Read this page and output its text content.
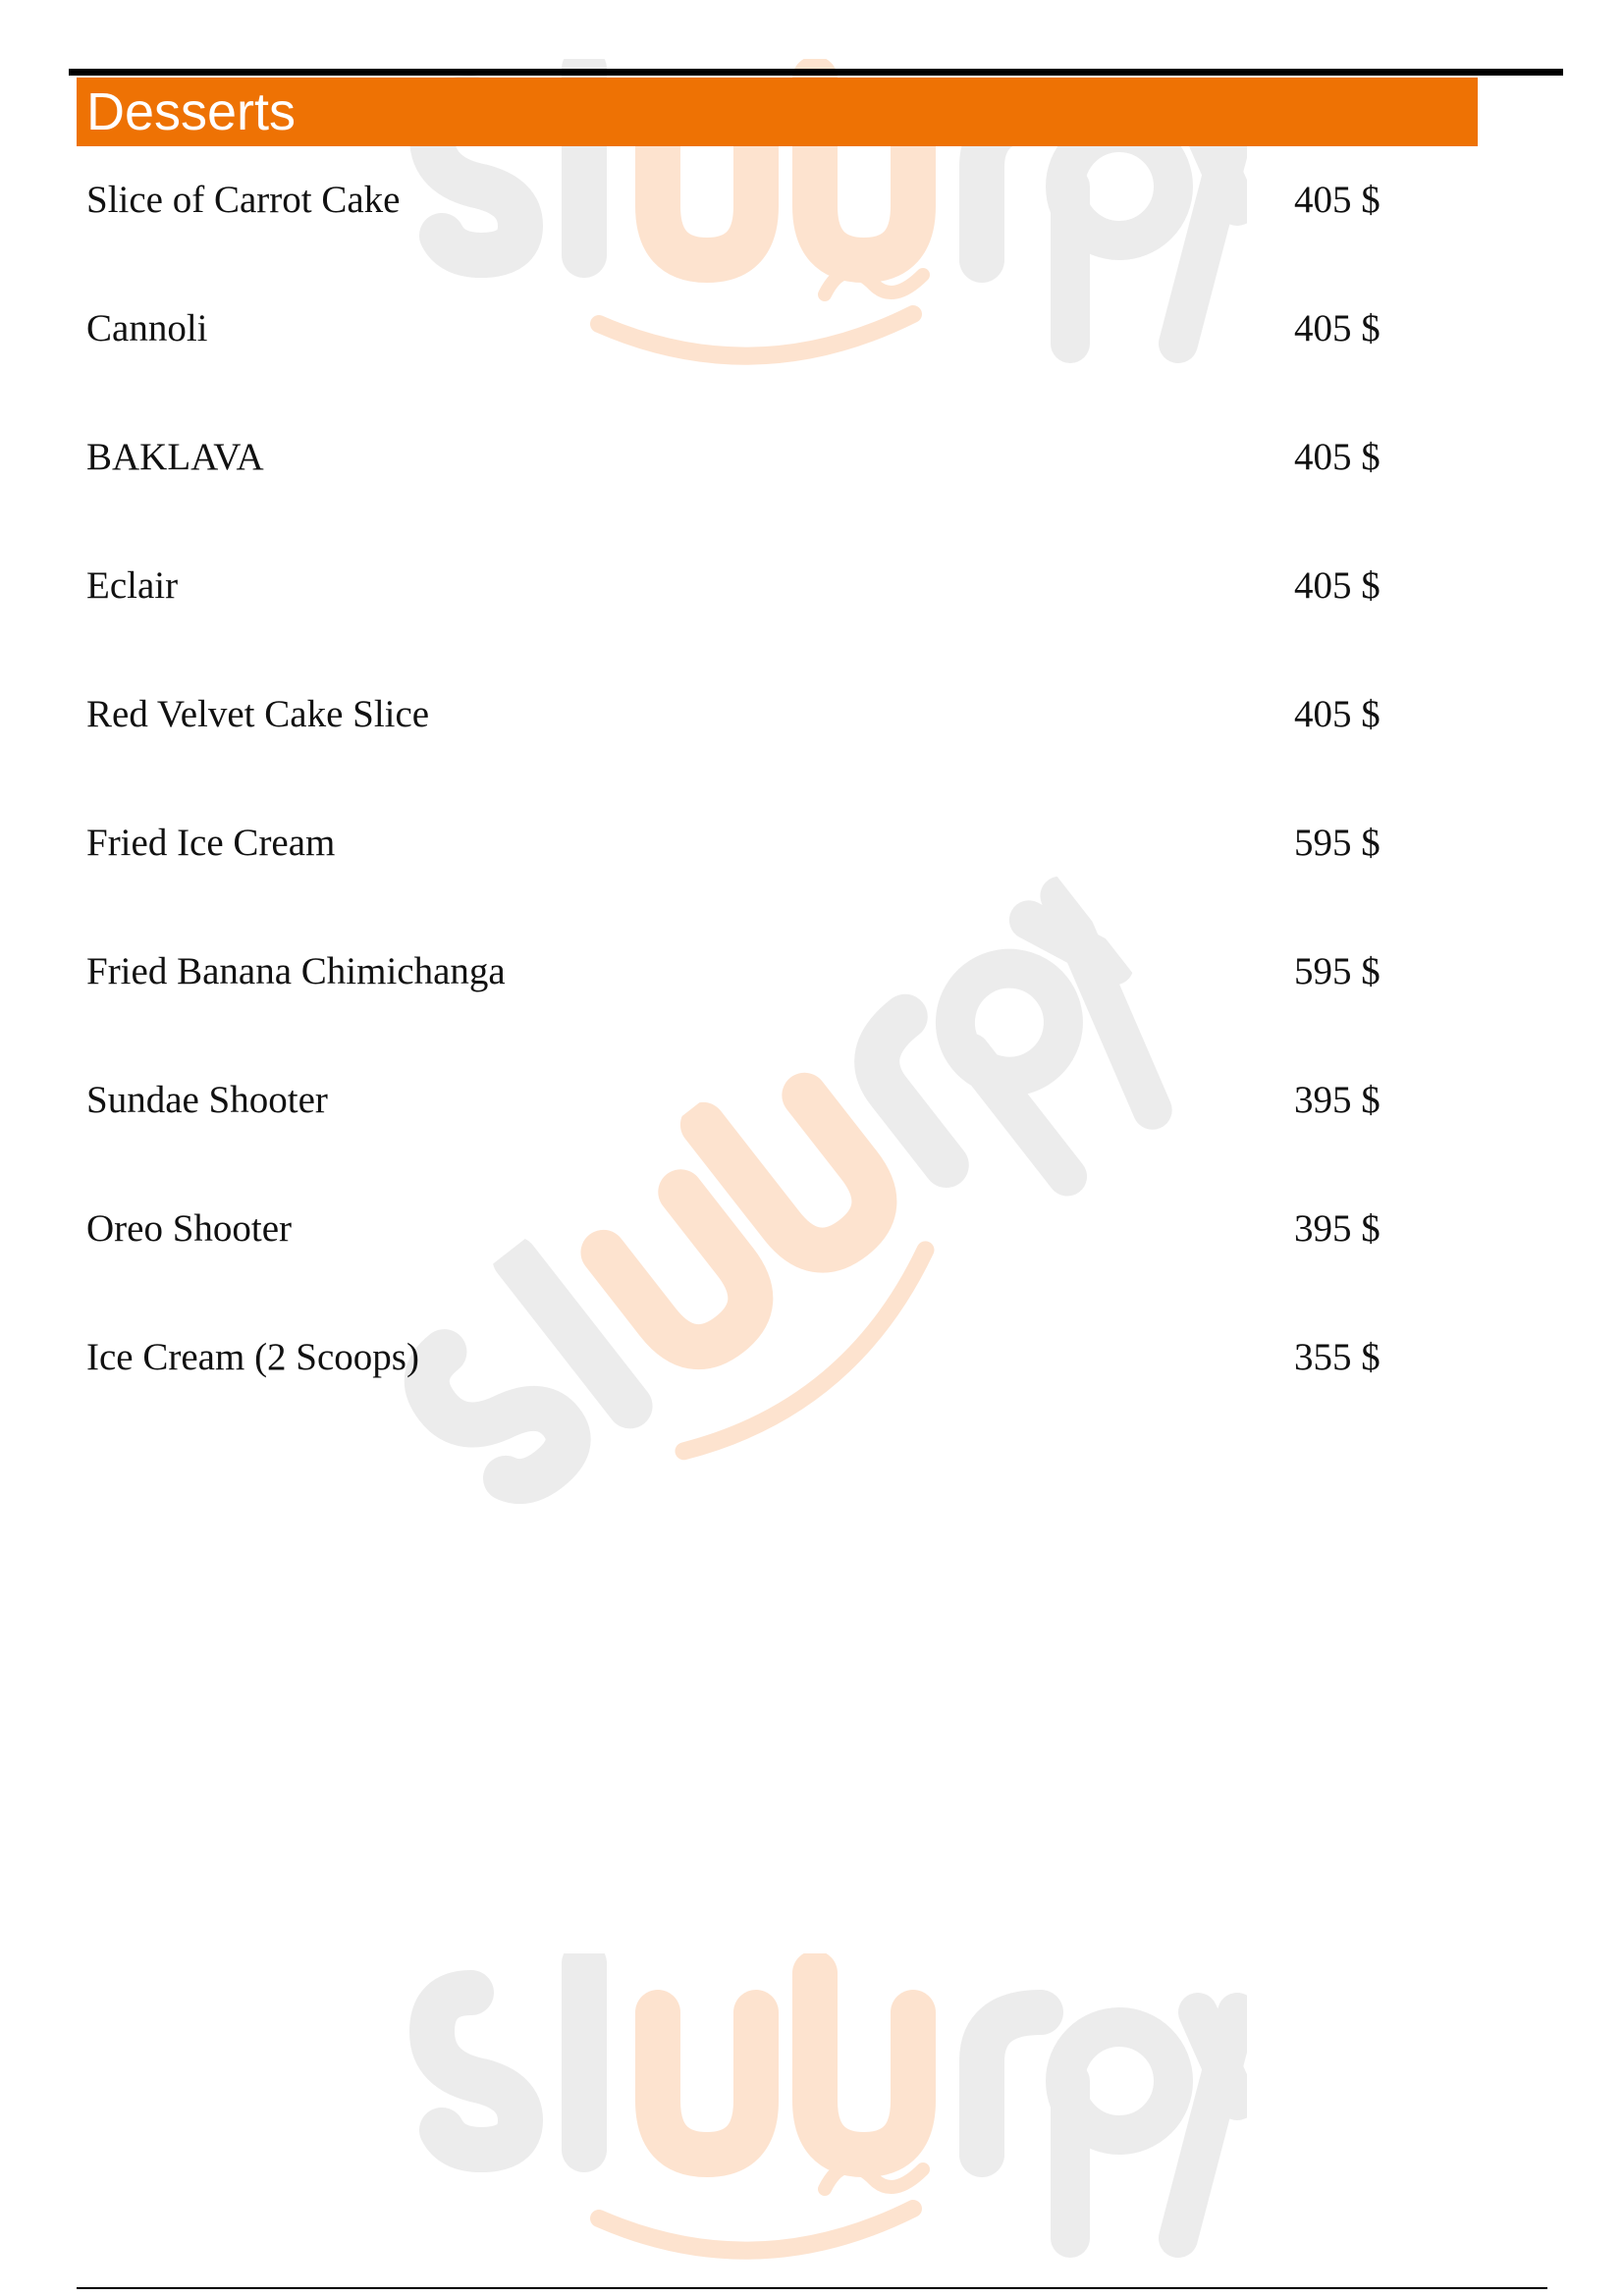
Desserts
Slice of Carrot Cake	405 $
Cannoli	405 $
BAKLAVA	405 $
Eclair	405 $
Red Velvet Cake Slice	405 $
Fried Ice Cream	595 $
Fried Banana Chimichanga	595 $
Sundae Shooter	395 $
Oreo Shooter	395 $
Ice Cream (2 Scoops)	355 $
